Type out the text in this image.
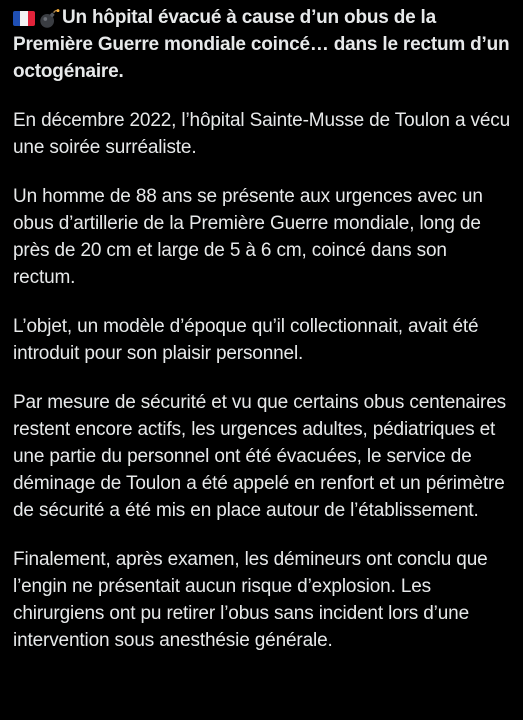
Un hôpital évacué à cause d’un obus de la Première Guerre mondiale coincé… dans le rectum d’un octogénaire.

En décembre 2022, l’hôpital Sainte-Musse de Toulon a vécu une soirée surréaliste.

Un homme de 88 ans se présente aux urgences avec un obus d’artillerie de la Première Guerre mondiale, long de près de 20 cm et large de 5 à 6 cm, coincé dans son rectum.

L’objet, un modèle d’époque qu’il collectionnait, avait été introduit pour son plaisir personnel.

Par mesure de sécurité et vu que certains obus centenaires restent encore actifs, les urgences adultes, pédiatriques et une partie du personnel ont été évacuées, le service de déminage de Toulon a été appelé en renfort et un périmètre de sécurité a été mis en place autour de l’établissement.

Finalement, après examen, les démineurs ont conclu que l’engin ne présentait aucun risque d’explosion. Les chirurgiens ont pu retirer l’obus sans incident lors d’une intervention sous anesthésie générale.
